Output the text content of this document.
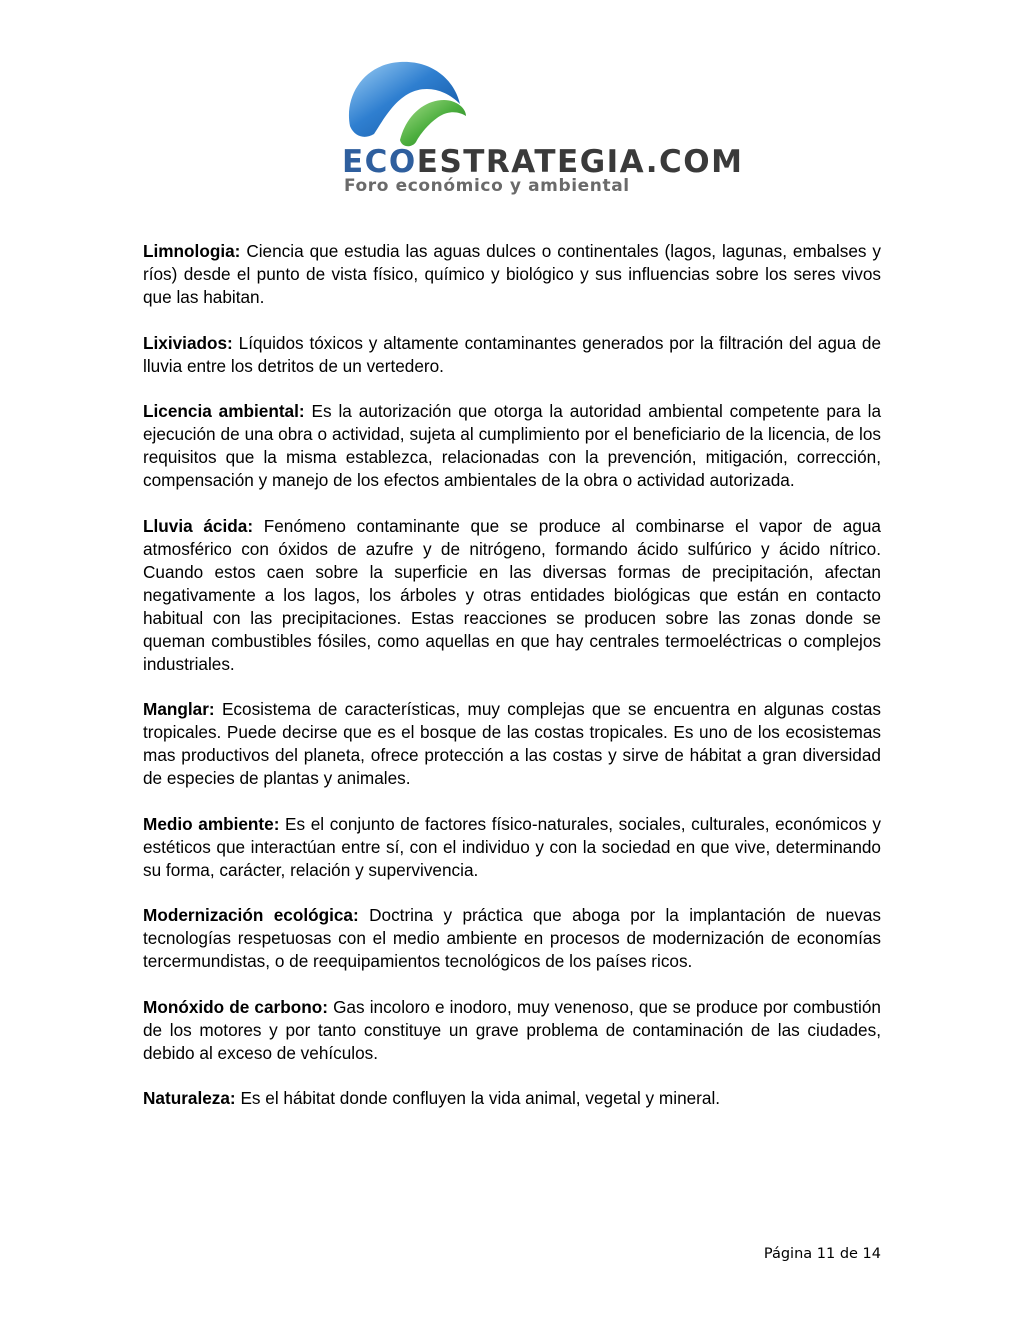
ECOESTRATEGIA.COM
Foro económico y ambiental

Limnologia: Ciencia que estudia las aguas dulces o continentales (lagos, lagunas, embalses y ríos) desde el punto de vista físico, químico y biológico y sus influencias sobre los seres vivos que las habitan.

Lixiviados: Líquidos tóxicos y altamente contaminantes generados por la filtración del agua de lluvia entre los detritos de un vertedero.

Licencia ambiental: Es la autorización que otorga la autoridad ambiental competente para la ejecución de una obra o actividad, sujeta al cumplimiento por el beneficiario de la licencia, de los requisitos que la misma establezca, relacionadas con la prevención, mitigación, corrección, compensación y manejo de los efectos ambientales de la obra o actividad autorizada.

Lluvia ácida: Fenómeno contaminante que se produce al combinarse el vapor de agua atmosférico con óxidos de azufre y de nitrógeno, formando ácido sulfúrico y ácido nítrico. Cuando estos caen sobre la superficie en las diversas formas de precipitación, afectan negativamente a los lagos, los árboles y otras entidades biológicas que están en contacto habitual con las precipitaciones. Estas reacciones se producen sobre las zonas donde se queman combustibles fósiles, como aquellas en que hay centrales termoeléctricas o complejos industriales.

Manglar: Ecosistema de características, muy complejas que se encuentra en algunas costas tropicales. Puede decirse que es el bosque de las costas tropicales. Es uno de los ecosistemas mas productivos del planeta, ofrece protección a las costas y sirve de hábitat a gran diversidad de especies de plantas y animales.

Medio ambiente: Es el conjunto de factores físico-naturales, sociales, culturales, económicos y estéticos que interactúan entre sí, con el individuo y con la sociedad en que vive, determinando su forma, carácter, relación y supervivencia.

Modernización ecológica: Doctrina y práctica que aboga por la implantación de nuevas tecnologías respetuosas con el medio ambiente en procesos de modernización de economías tercermundistas, o de reequipamientos tecnológicos de los países ricos.

Monóxido de carbono: Gas incoloro e inodoro, muy venenoso, que se produce por combustión de los motores y por tanto constituye un grave problema de contaminación de las ciudades, debido al exceso de vehículos.

Naturaleza: Es el hábitat donde confluyen la vida animal, vegetal y mineral.

Página 11 de 14
